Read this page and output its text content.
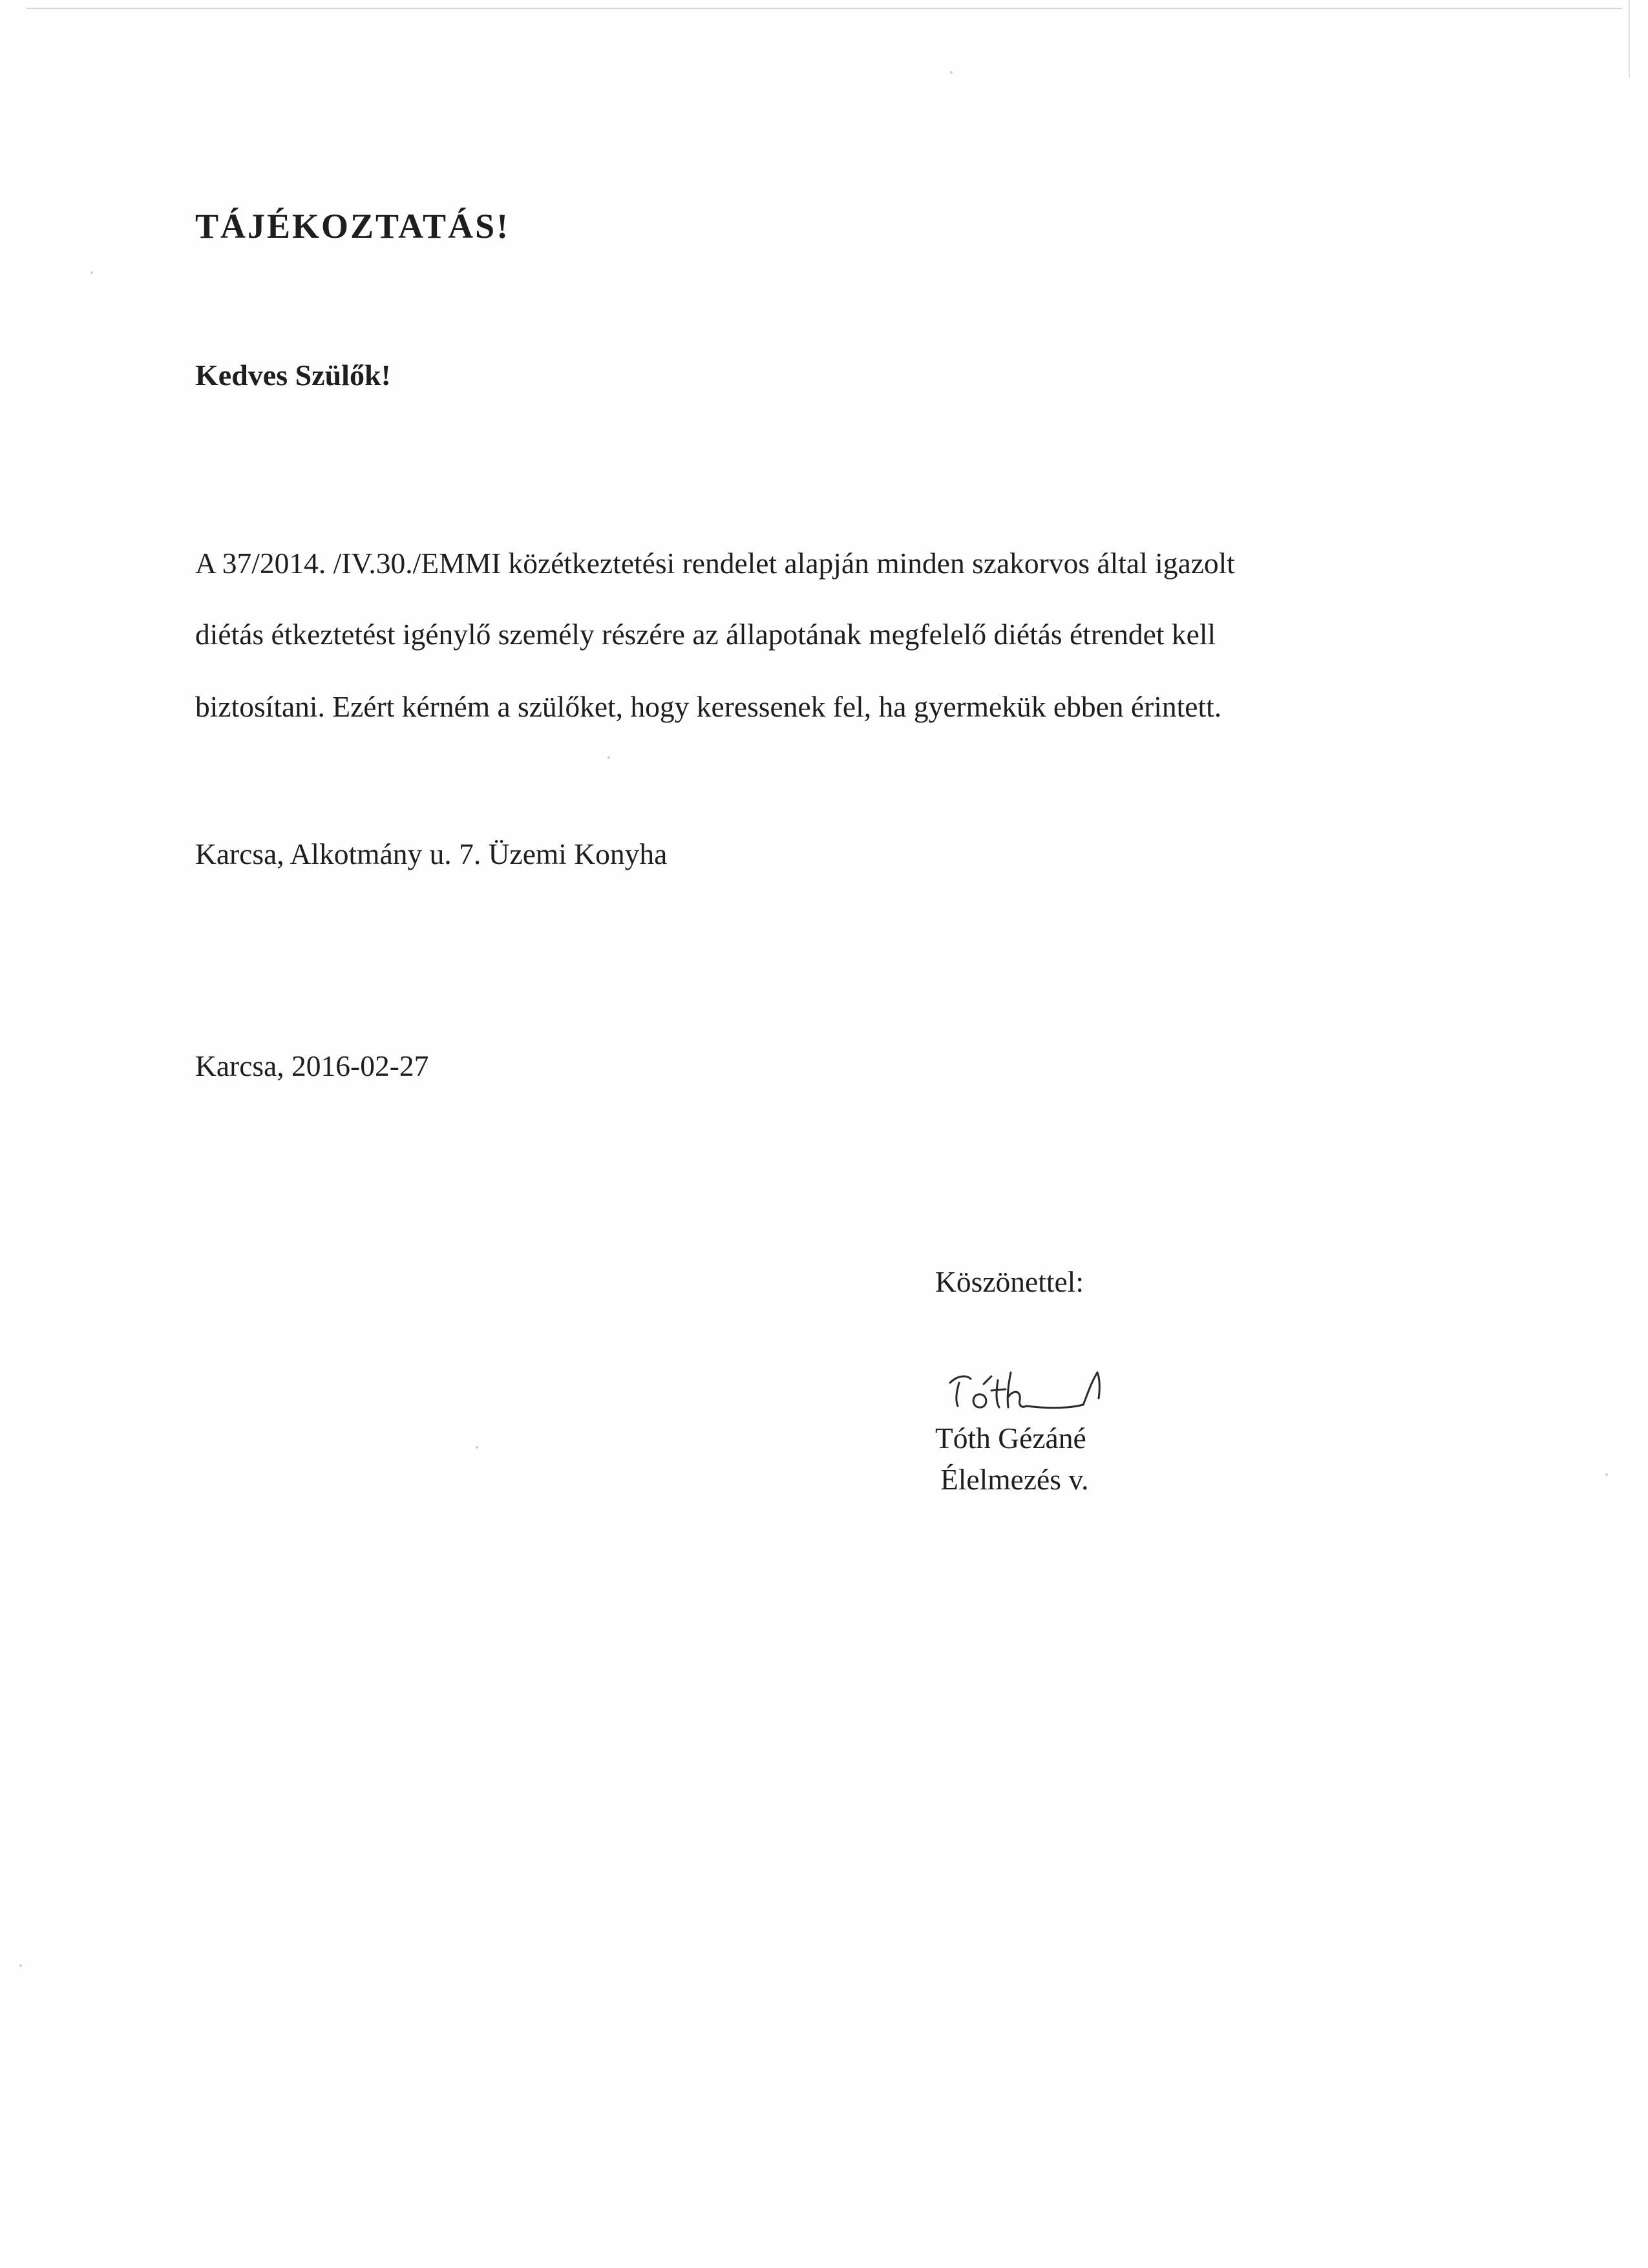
TÁJÉKOZTATÁS!
Kedves Szülők!
A 37/2014. /IV.30./EMMI közétkeztetési rendelet alapján minden szakorvos által igazolt
diétás étkeztetést igénylő személy részére az állapotának megfelelő diétás étrendet kell
biztosítani. Ezért kérném a szülőket, hogy keressenek fel, ha gyermekük ebben érintett.
Karcsa, Alkotmány u. 7. Üzemi Konyha
Karcsa, 2016-02-27
Köszönettel:
Tóth Gézáné
Élelmezés v.
